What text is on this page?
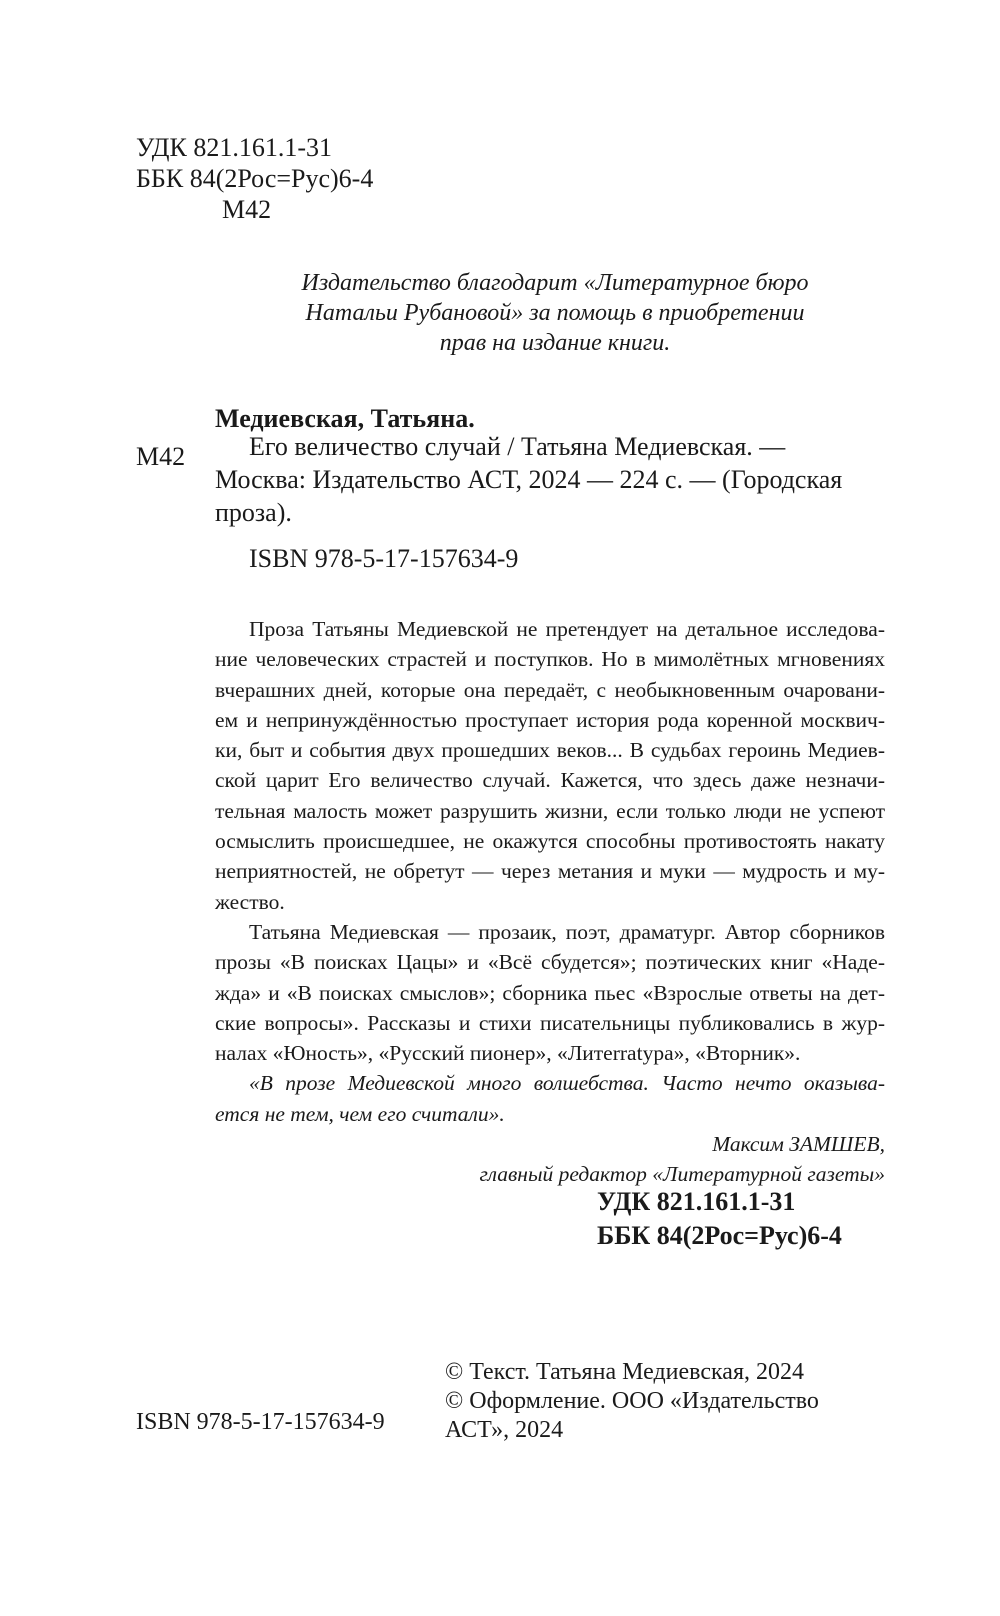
УДК 821.161.1-31
ББК 84(2Рос=Рус)6-4
М42
Издательство благодарит «Литературное бюро
Натальи Рубановой» за помощь в приобретении
прав на издание книги.
Медиевская, Татьяна.
М42	Его величество случай / Татьяна Медиевская. —
Москва: Издательство АСТ, 2024 — 224 с. — (Городская
проза).
ISBN 978-5-17-157634-9
Проза Татьяны Медиевской не претендует на детальное исследова-
ние человеческих страстей и поступков. Но в мимолётных мгновениях
вчерашних дней, которые она передаёт, с необыкновенным очаровани-
ем и непринуждённостью проступает история рода коренной москвич-
ки, быт и события двух прошедших веков... В судьбах героинь Медиев-
ской царит Его величество случай. Кажется, что здесь даже незначи-
тельная малость может разрушить жизни, если только люди не успеют
осмыслить происшедшее, не окажутся способны противостоять накату
неприятностей, не обретут — через метания и муки — мудрость и му-
жество.
Татьяна Медиевская — прозаик, поэт, драматург. Автор сборников
прозы «В поисках Цацы» и «Всё сбудется»; поэтических книг «Надe-
жда» и «В поисках смыслов»; сборника пьес «Взрослые ответы на дет-
ские вопросы». Рассказы и стихи писательницы публиковались в жур-
налах «Юность», «Русский пионер», «Литеrratура», «Вторник».
«В прозе Медиевской много волшебства. Часто нечто оказыва-
ется не тем, чем его считали».
Максим ЗАМШЕВ,
главный редактор «Литературной газеты»
УДК 821.161.1-31
ББК 84(2Рос=Рус)6-4
ISBN 978-5-17-157634-9
© Текст. Татьяна Медиевская, 2024
© Оформление. ООО «Издательство
АСТ», 2024
